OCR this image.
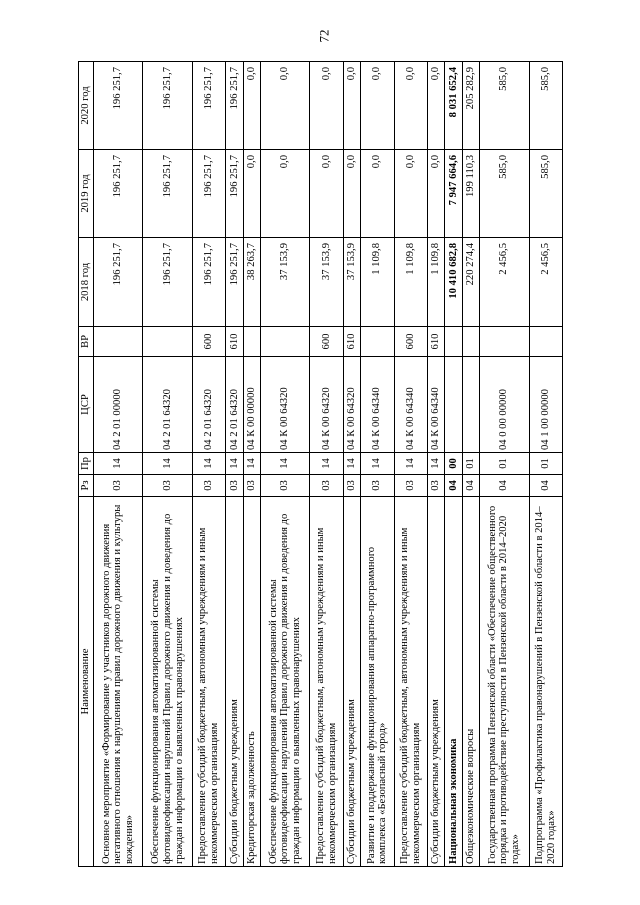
72
Наименование	Рз	Пр	ЦСР	ВР	2018 год	2019 год	2020 год
Основное мероприятие «Формирование у участников дорожного движения негативного отношения к нарушениям правил дорожного движения и культуры вождения»	03	14	04 2 01 00000		196 251,7	196 251,7	196 251,7
Обеспечение функционирования автоматизированной системы фотовидеофиксации нарушений Правил дорожного движения и доведения до граждан информации о выявленных правонарушениях	03	14	04 2 01 64320		196 251,7	196 251,7	196 251,7
Предоставление субсидий бюджетным, автономным учреждениям и иным некоммерческим организациям	03	14	04 2 01 64320	600	196 251,7	196 251,7	196 251,7
Субсидии бюджетным учреждениям	03	14	04 2 01 64320	610	196 251,7	196 251,7	196 251,7
Кредиторская задолженность	03	14	04 К 00 00000		38 263,7	0,0	0,0
Обеспечение функционирования автоматизированной системы фотовидеофиксации нарушений Правил дорожного движения и доведения до граждан информации о выявленных правонарушениях	03	14	04 К 00 64320		37 153,9	0,0	0,0
Предоставление субсидий бюджетным, автономным учреждениям и иным некоммерческим организациям	03	14	04 К 00 64320	600	37 153,9	0,0	0,0
Субсидии бюджетным учреждениям	03	14	04 К 00 64320	610	37 153,9	0,0	0,0
Развитие и поддержание функционирования аппаратно-программного комплекса «Безопасный город»	03	14	04 К 00 64340		1 109,8	0,0	0,0
Предоставление субсидий бюджетным, автономным учреждениям и иным некоммерческим организациям	03	14	04 К 00 64340	600	1 109,8	0,0	0,0
Субсидии бюджетным учреждениям	03	14	04 К 00 64340	610	1 109,8	0,0	0,0
Национальная экономика	04	00			10 410 682,8	7 947 664,6	8 031 652,4
Общеэкономические вопросы	04	01			220 274,4	199 110,3	205 282,9
Государственная программа Пензенской области «Обеспечение общественного порядка и противодействие преступности в Пензенской области в 2014–2020 годах»	04	01	04 0 00 00000		2 456,5	585,0	585,0
Подпрограмма «Профилактика правонарушений в Пензенской области в 2014–2020 годах»	04	01	04 1 00 00000		2 456,5	585,0	585,0
